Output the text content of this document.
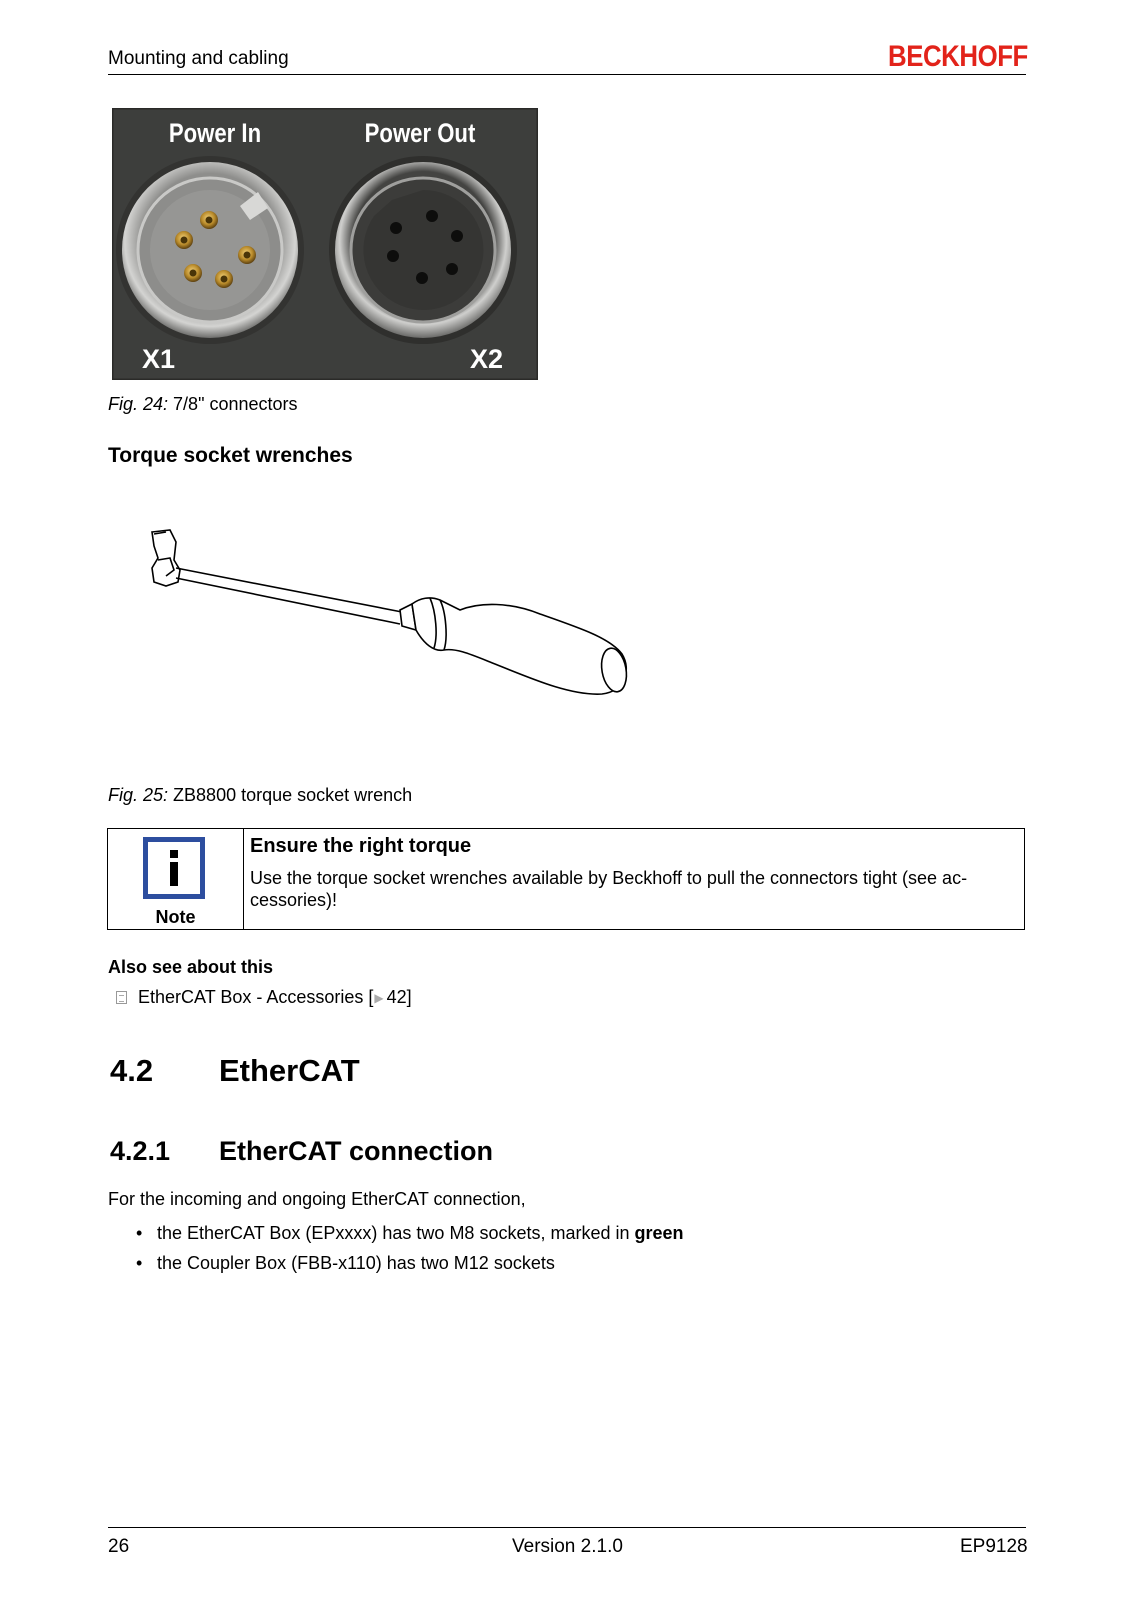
Mounting and cabling	BECKHOFF
Power In	Power Out
X1	X2
Fig. 24: 7/8" connectors
Torque socket wrenches
Fig. 25: ZB8800 torque socket wrench
Note
Ensure the right torque
Use the torque socket wrenches available by Beckhoff to pull the connectors tight (see ac-cessories)!
Also see about this
EtherCAT Box - Accessories [ ▶ 42]
4.2 EtherCAT
4.2.1 EtherCAT connection
For the incoming and ongoing EtherCAT connection,
• the EtherCAT Box (EPxxxx) has two M8 sockets, marked in green
• the Coupler Box (FBB-x110) has two M12 sockets
26	Version 2.1.0	EP9128
